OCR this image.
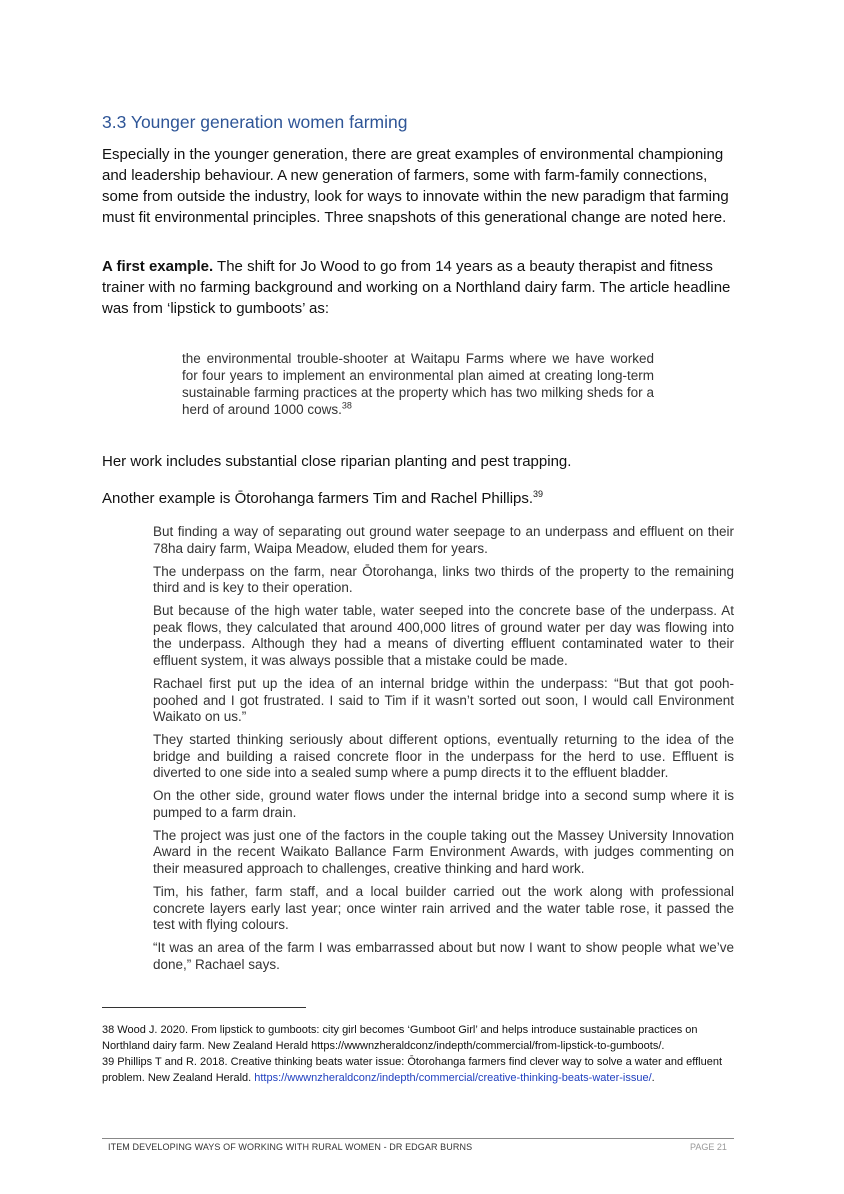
3.3 Younger generation women farming

Especially in the younger generation, there are great examples of environmental championing and leadership behaviour. A new generation of farmers, some with farm-family connections, some from outside the industry, look for ways to innovate within the new paradigm that farming must fit environmental principles. Three snapshots of this generational change are noted here.

A first example. The shift for Jo Wood to go from 14 years as a beauty therapist and fitness trainer with no farming background and working on a Northland dairy farm. The article headline was from ‘lipstick to gumboots’ as:

the environmental trouble-shooter at Waitapu Farms where we have worked for four years to implement an environmental plan aimed at creating long-term sustainable farming practices at the property which has two milking sheds for a herd of around 1000 cows.$^{38}$

Her work includes substantial close riparian planting and pest trapping.

Another example is Ōtorohanga farmers Tim and Rachel Phillips.$^{39}$

But finding a way of separating out ground water seepage to an underpass and effluent on their 78ha dairy farm, Waipa Meadow, eluded them for years.

The underpass on the farm, near Ōtorohanga, links two thirds of the property to the remaining third and is key to their operation.

But because of the high water table, water seeped into the concrete base of the underpass. At peak flows, they calculated that around 400,000 litres of ground water per day was flowing into the underpass. Although they had a means of diverting effluent contaminated water to their effluent system, it was always possible that a mistake could be made.

Rachael first put up the idea of an internal bridge within the underpass: “But that got pooh-poohed and I got frustrated. I said to Tim if it wasn’t sorted out soon, I would call Environment Waikato on us.”

They started thinking seriously about different options, eventually returning to the idea of the bridge and building a raised concrete floor in the underpass for the herd to use. Effluent is diverted to one side into a sealed sump where a pump directs it to the effluent bladder.

On the other side, ground water flows under the internal bridge into a second sump where it is pumped to a farm drain.

The project was just one of the factors in the couple taking out the Massey University Innovation Award in the recent Waikato Ballance Farm Environment Awards, with judges commenting on their measured approach to challenges, creative thinking and hard work.

Tim, his father, farm staff, and a local builder carried out the work along with professional concrete layers early last year; once winter rain arrived and the water table rose, it passed the test with flying colours.

“It was an area of the farm I was embarrassed about but now I want to show people what we’ve done,” Rachael says.

38 Wood J. 2020. From lipstick to gumboots: city girl becomes ‘Gumboot Girl’ and helps introduce sustainable practices on Northland dairy farm. New Zealand Herald https://wwwnzheraldconz/indepth/commercial/from-lipstick-to-gumboots/.

39 Phillips T and R. 2018. Creative thinking beats water issue: Ōtorohanga farmers find clever way to solve a water and effluent problem. New Zealand Herald. https://wwwnzheraldconz/indepth/commercial/creative-thinking-beats-water-issue/.

ITEM DEVELOPING WAYS OF WORKING WITH RURAL WOMEN - DR EDGAR BURNS	PAGE 21
